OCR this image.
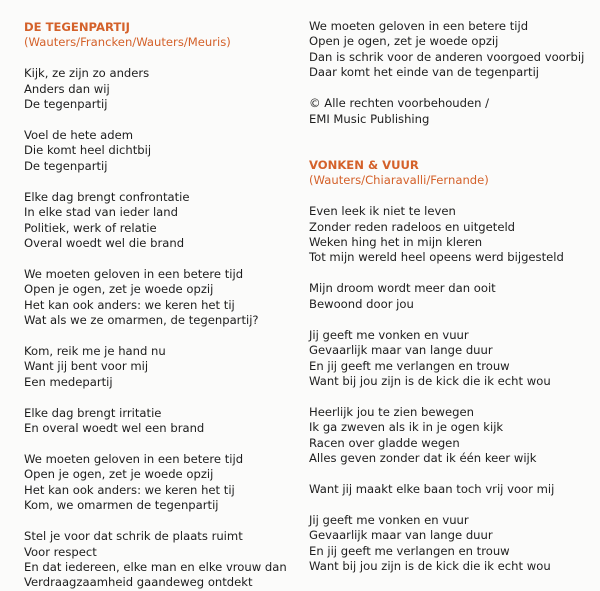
DE TEGENPARTIJ

(Wauters/Francken/Wauters/Meuris)

Kijk, ze zijn zo anders
Anders dan wij
De tegenpartij
Voel de hete adem
Die komt heel dichtbij
De tegenpartij
Elke dag brengt confrontatie
In elke stad van ieder land
Politiek, werk of relatie
Overal woedt wel die brand
We moeten geloven in een betere tijd
Open je ogen, zet je woede opzij
Het kan ook anders: we keren het tij
Wat als we ze omarmen, de tegenpartij?
Kom, reik me je hand nu
Want jij bent voor mij
Een medepartij
Elke dag brengt irritatie
En overal woedt wel een brand
We moeten geloven in een betere tijd
Open je ogen, zet je woede opzij
Het kan ook anders: we keren het tij
Kom, we omarmen de tegenpartij
Stel je voor dat schrik de plaats ruimt
Voor respect
En dat iedereen, elke man en elke vrouw dan
Verdraagzaamheid gaandeweg ontdekt
We moeten geloven in een betere tijd
Open je ogen, zet je woede opzij
Dan is schrik voor de anderen voorgoed voorbij
Daar komt het einde van de tegenpartij
© Alle rechten voorbehouden /
EMI Music Publishing

VONKEN & VUUR

(Wauters/Chiaravalli/Fernande)

Even leek ik niet te leven
Zonder reden radeloos en uitgeteld
Weken hing het in mijn kleren
Tot mijn wereld heel opeens werd bijgesteld
Mijn droom wordt meer dan ooit
Bewoond door jou
Jij geeft me vonken en vuur
Gevaarlijk maar van lange duur
En jij geeft me verlangen en trouw
Want bij jou zijn is de kick die ik echt wou
Heerlijk jou te zien bewegen
Ik ga zweven als ik in je ogen kijk
Racen over gladde wegen
Alles geven zonder dat ik één keer wijk
Want jij maakt elke baan toch vrij voor mij
Jij geeft me vonken en vuur
Gevaarlijk maar van lange duur
En jij geeft me verlangen en trouw
Want bij jou zijn is de kick die ik echt wou
